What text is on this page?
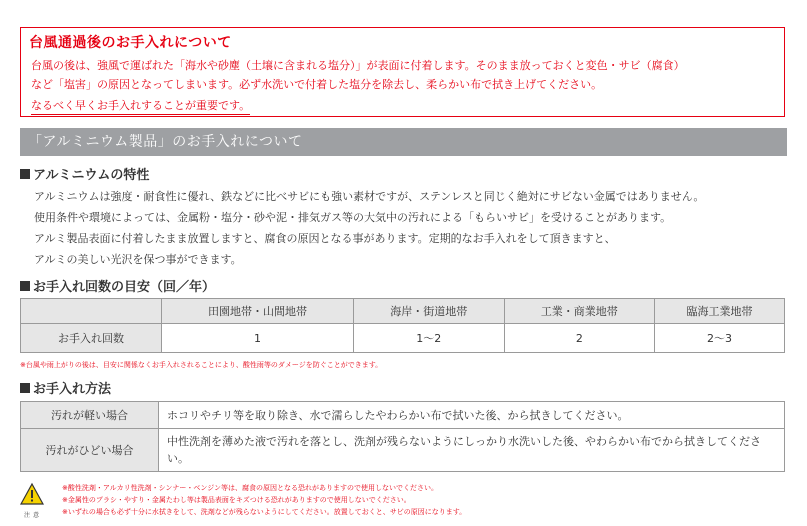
台風通過後のお手入れについて
台風の後は、強風で運ばれた「海水や砂塵（土壌に含まれる塩分）」が表面に付着します。そのまま放っておくと変色・サビ（腐食）
など「塩害」の原因となってしまいます。必ず水洗いで付着した塩分を除去し、柔らかい布で拭き上げてください。
なるべく早くお手入れすることが重要です。
「アルミニウム製品」のお手入れについて
アルミニウムの特性
アルミニウムは強度・耐食性に優れ、鉄などに比べサビにも強い素材ですが、ステンレスと同じく絶対にサビない金属ではありません。
使用条件や環境によっては、金属粉・塩分・砂や泥・排気ガス等の大気中の汚れによる「もらいサビ」を受けることがあります。
アルミ製品表面に付着したまま放置しますと、腐食の原因となる事があります。定期的なお手入れをして頂きますと、
アルミの美しい光沢を保つ事ができます。
お手入れ回数の目安（回／年）
	田園地帯・山間地帯	海岸・街道地帯	工業・商業地帯	臨海工業地帯
お手入れ回数	1	1〜2	2	2〜3
※台風や雨上がりの後は、目安に関係なくお手入れされることにより、酸性雨等のダメージを防ぐことができます。
お手入れ方法
汚れが軽い場合	ホコリやチリ等を取り除き、水で濡らしたやわらかい布で拭いた後、から拭きしてください。
汚れがひどい場合	中性洗剤を薄めた液で汚れを落とし、洗剤が残らないようにしっかり水洗いした後、やわらかい布でから拭きしてください。
注意
※酸性洗剤・アルカリ性洗剤・シンナー・ベンジン等は、腐食の原因となる恐れがありますので使用しないでください。
※金属性のブラシ・やすり・金属たわし等は製品表面をキズつける恐れがありますので使用しないでください。
※いずれの場合も必ず十分に水拭きをして、洗剤などが残らないようにしてください。放置しておくと、サビの原因になります。
